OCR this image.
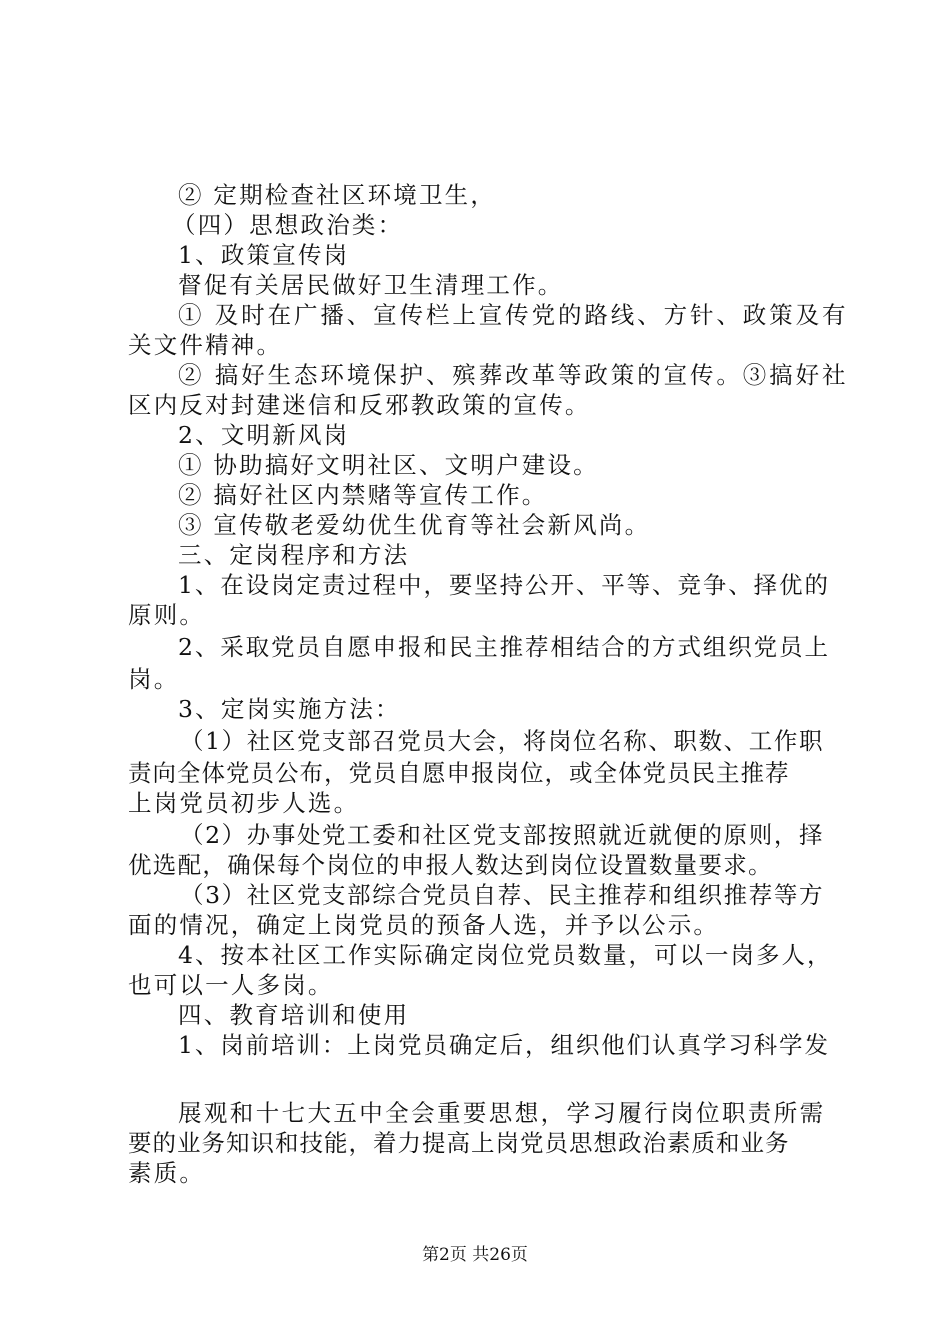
② 定期检查社区环境卫生，
（四）思想政治类：
1、政策宣传岗
督促有关居民做好卫生清理工作。
① 及时在广播、宣传栏上宣传党的路线、方针、政策及有
关文件精神。
② 搞好生态环境保护、殡葬改革等政策的宣传。③搞好社
区内反对封建迷信和反邪教政策的宣传。
2、文明新风岗
① 协助搞好文明社区、文明户建设。
② 搞好社区内禁赌等宣传工作。
③ 宣传敬老爱幼优生优育等社会新风尚。
三、定岗程序和方法
1、在设岗定责过程中，要坚持公开、平等、竞争、择优的
原则。
2、采取党员自愿申报和民主推荐相结合的方式组织党员上
岗。
3、定岗实施方法：
（1）社区党支部召党员大会，将岗位名称、职数、工作职
责向全体党员公布，党员自愿申报岗位，或全体党员民主推荐
上岗党员初步人选。
（2）办事处党工委和社区党支部按照就近就便的原则，择
优选配，确保每个岗位的申报人数达到岗位设置数量要求。
（3）社区党支部综合党员自荐、民主推荐和组织推荐等方
面的情况，确定上岗党员的预备人选，并予以公示。
4、按本社区工作实际确定岗位党员数量，可以一岗多人，
也可以一人多岗。
四、教育培训和使用
1、岗前培训：上岗党员确定后，组织他们认真学习科学发
展观和十七大五中全会重要思想，学习履行岗位职责所需
要的业务知识和技能，着力提高上岗党员思想政治素质和业务
素质。
第2页 共26页
